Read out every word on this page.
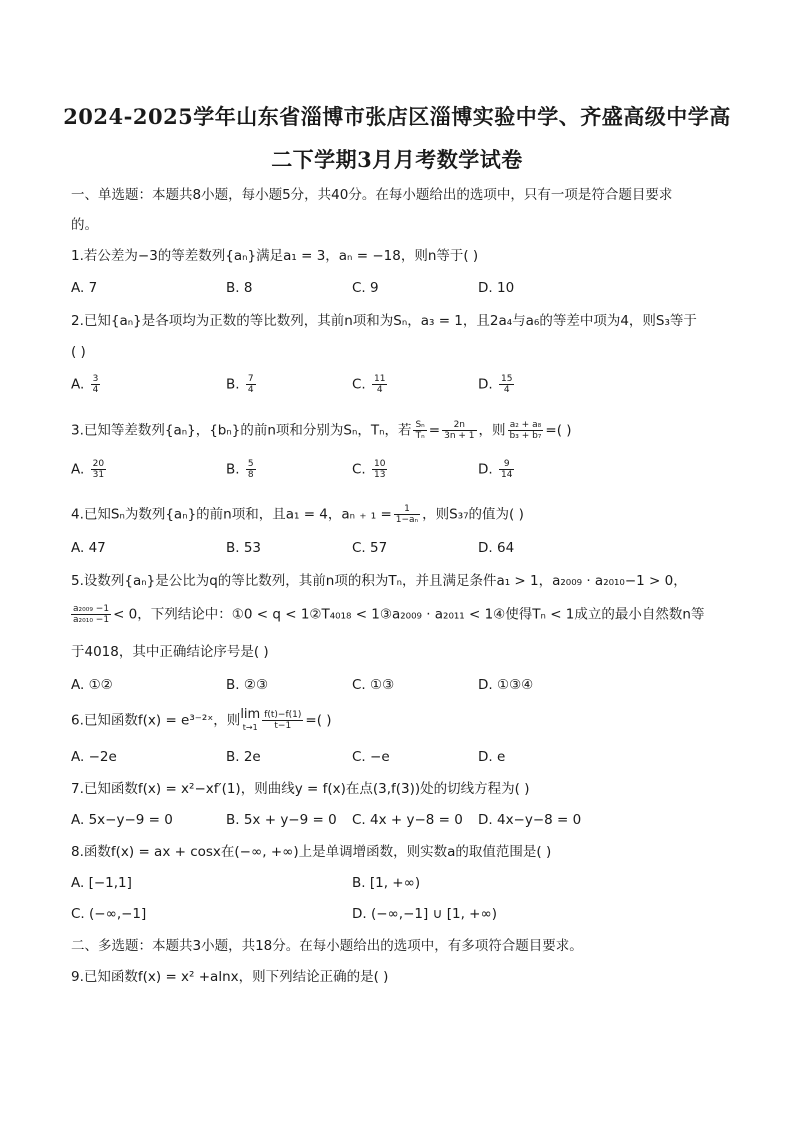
2024-2025学年山东省淄博市张店区淄博实验中学、齐盛高级中学高
二下学期3月月考数学试卷
一、单选题：本题共8小题，每小题5分，共40分。在每小题给出的选项中，只有一项是符合题目要求
的。
1.若公差为−3的等差数列{aₙ}满足a₁ = 3，aₙ = −18，则n等于( )
A. 7	B. 8	C. 9	D. 10
2.已知{aₙ}是各项均为正数的等比数列，其前n项和为Sₙ，a₃ = 1，且2a₄与a₆的等差中项为4，则S₃等于
( )
A. $\frac{3}{4}$	B. $\frac{7}{4}$	C. $\frac{11}{4}$	D. $\frac{15}{4}$
3.已知等差数列{aₙ}，{bₙ}的前n项和分别为Sₙ，Tₙ，若 $\frac{\text{Sₙ}}{\text{Tₙ}} = \frac{2n}{3n + 1}$ ，则 $\frac{\text{a₂ + a₈}}{\text{b₃ + b₇}}$ =( )
A. $\frac{20}{31}$	B. $\frac{5}{8}$	C. $\frac{10}{13}$	D. $\frac{9}{14}$
4.已知Sₙ为数列{aₙ}的前n项和，且a₁ = 4，aₙ ₊ $_1 = \frac{1}{\text{1−aₙ}}$ ，则S₃₇的值为( )
A. 47	B. 53	C. 57	D. 64
5.设数列{aₙ}是公比为q的等比数列，其前n项的积为Tₙ，并且满足条件a₁ > 1，a₂₀₀₉ · a₂₀₁₀−1 > 0，
$\frac{\text{a₂₀₀₉ −1}}{\text{a₂₀₁₀ −1}} < 0$，下列结论中：①0 < q < 1②T₄₀₁₈ < 1③a₂₀₀₉ · a₂₀₁₁ < 1④使得Tₙ < 1成立的最小自然数n等
于4018，其中正确结论序号是( )
A. ①②	B. ②③	C. ①③	D. ①③④
6.已知函数f(x) = e³⁻²ˣ，则 lim
$t\to 1 \frac{f(t)-f(1)}{t-1}$ =( )
A. −2e	B. 2e	C. −e	D. e
7.已知函数f(x) = x²−xf′(1)，则曲线y = f(x)在点(3,f(3))处的切线方程为( )
A. 5x−y−9 = 0	B. 5x + y−9 = 0 C. 4x + y−8 = 0 D. 4x−y−8 = 0
8.函数f(x) = ax + cosx在(−∞, +∞)上是单调增函数，则实数a的取值范围是( )
A. [−1,1]	B. [1, +∞)
C. (−∞,−1]	D. (−∞,−1] ∪ [1, +∞)
二、多选题：本题共3小题，共18分。在每小题给出的选项中，有多项符合题目要求。
9.已知函数f(x) = x² +alnx，则下列结论正确的是( )
